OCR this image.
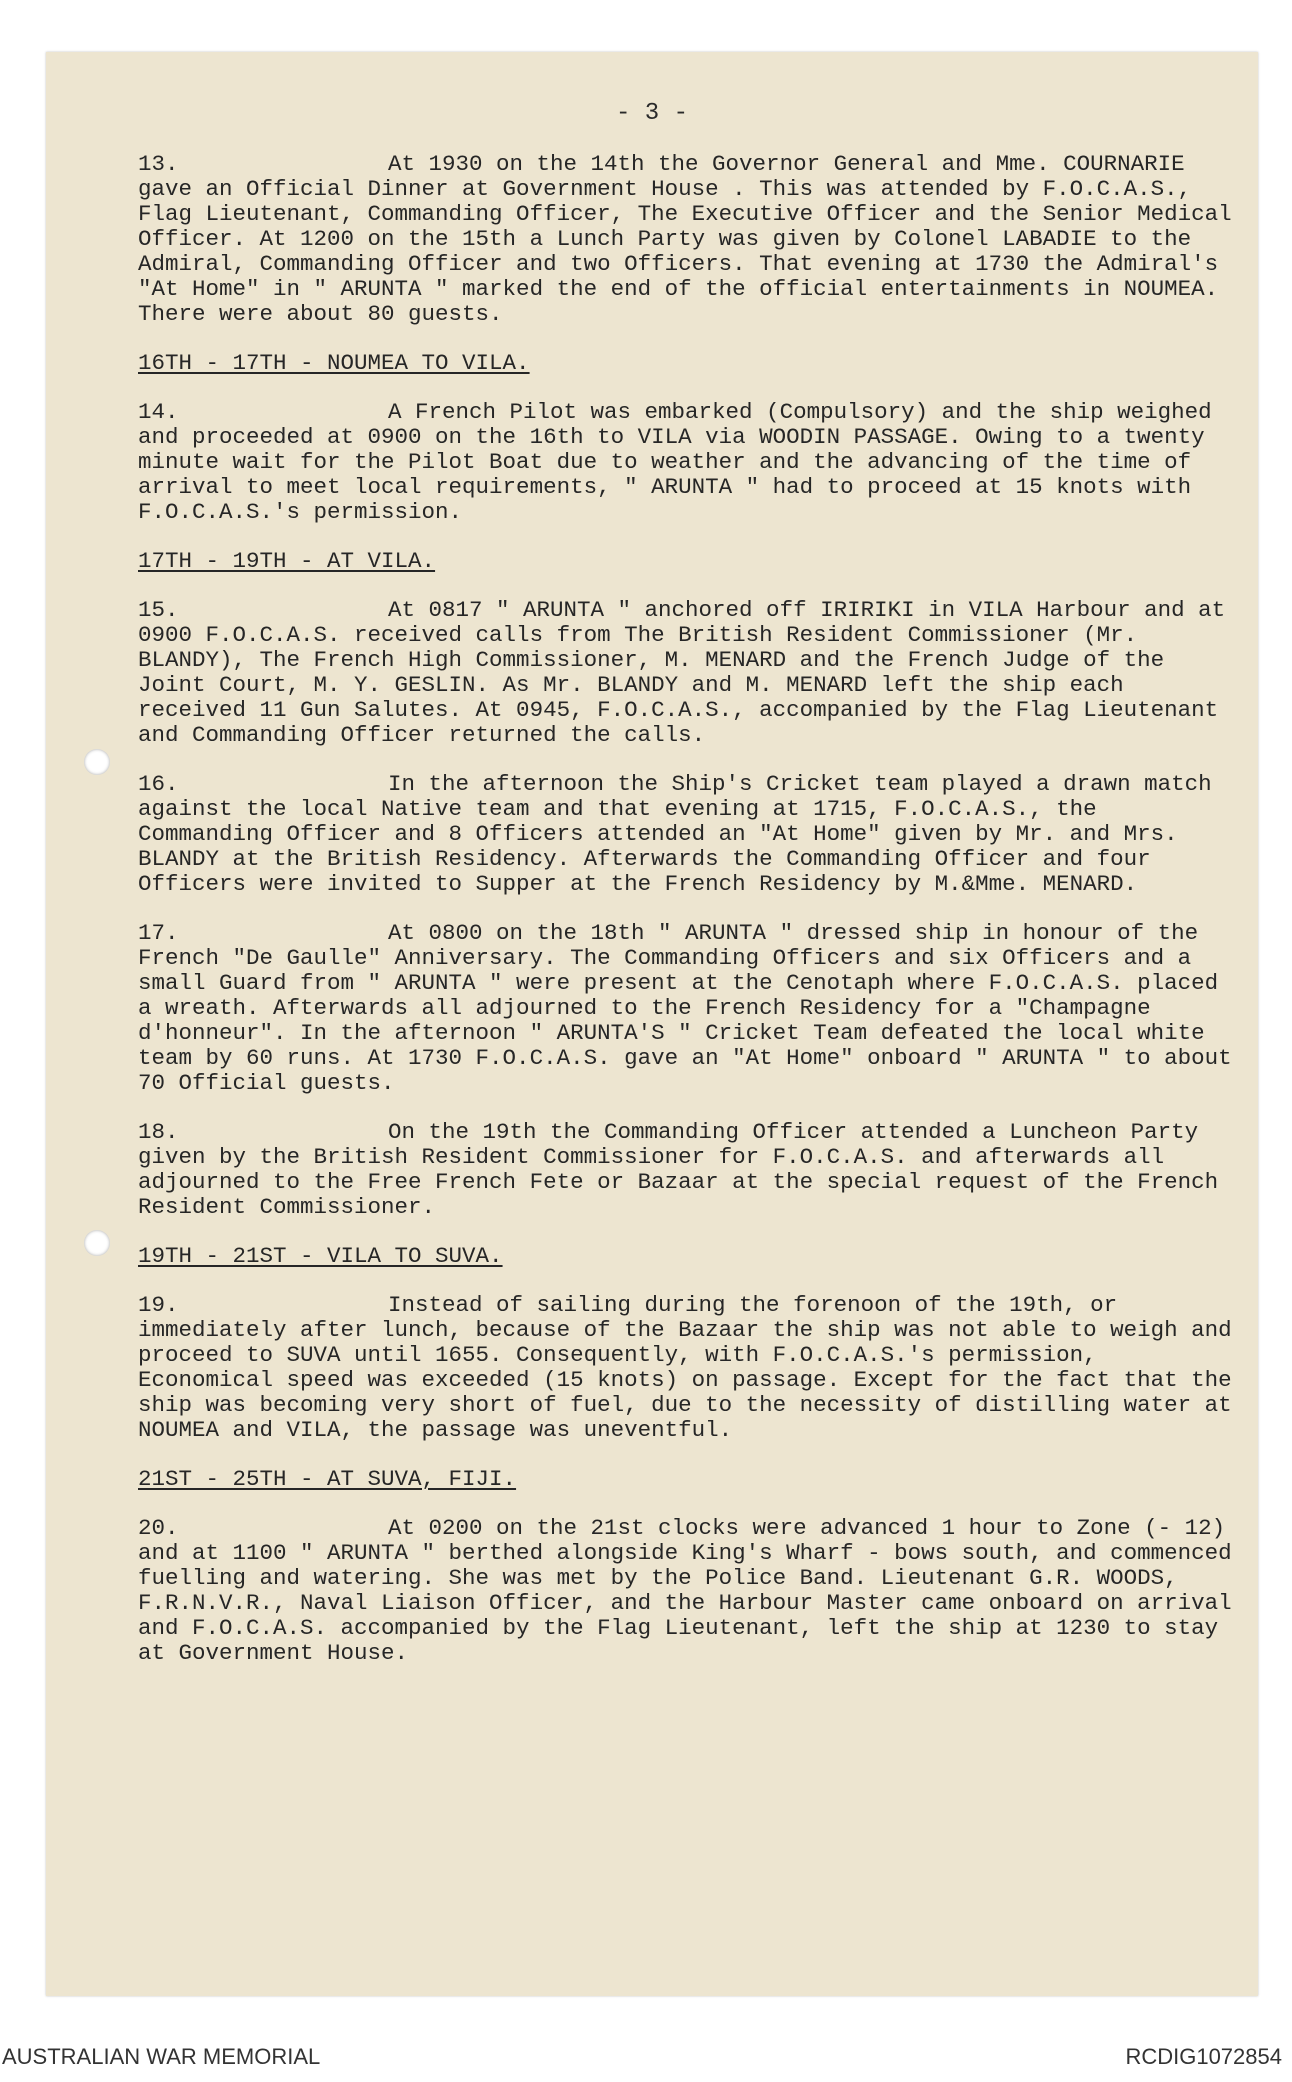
- 3 -

13.	At 1930 on the 14th the Governor General and Mme. COURNARIE gave an Official Dinner at Government House . This was attended by F.O.C.A.S., Flag Lieutenant, Commanding Officer, The Executive Officer and the Senior Medical Officer. At 1200 on the 15th a Lunch Party was given by Colonel LABADIE to the Admiral, Commanding Officer and two Officers. That evening at 1730 the Admiral's "At Home" in " ARUNTA " marked the end of the official entertainments in NOUMEA. There were about 80 guests.

16TH - 17TH - NOUMEA TO VILA.

14.	A French Pilot was embarked (Compulsory) and the ship weighed and proceeded at 0900 on the 16th to VILA via WOODIN PASSAGE. Owing to a twenty minute wait for the Pilot Boat due to weather and the advancing of the time of arrival to meet local requirements, " ARUNTA " had to proceed at 15 knots with F.O.C.A.S.'s permission.

17TH - 19TH - AT VILA.

15.	At 0817 " ARUNTA " anchored off IRIRIKI in VILA Harbour and at 0900 F.O.C.A.S. received calls from The British Resident Commissioner (Mr. BLANDY), The French High Commissioner, M. MENARD and the French Judge of the Joint Court, M. Y. GESLIN. As Mr. BLANDY and M. MENARD left the ship each received 11 Gun Salutes. At 0945, F.O.C.A.S., accompanied by the Flag Lieutenant and Commanding Officer returned the calls.

16.	In the afternoon the Ship's Cricket team played a drawn match against the local Native team and that evening at 1715, F.O.C.A.S., the Commanding Officer and 8 Officers attended an "At Home" given by Mr. and Mrs. BLANDY at the British Residency. Afterwards the Commanding Officer and four Officers were invited to Supper at the French Residency by M.&Mme. MENARD.

17.	At 0800 on the 18th " ARUNTA " dressed ship in honour of the French "De Gaulle" Anniversary. The Commanding Officers and six Officers and a small Guard from " ARUNTA " were present at the Cenotaph where F.O.C.A.S. placed a wreath. Afterwards all adjourned to the French Residency for a "Champagne d'honneur". In the afternoon " ARUNTA'S " Cricket Team defeated the local white team by 60 runs. At 1730 F.O.C.A.S. gave an "At Home" onboard " ARUNTA " to about 70 Official guests.

18.	On the 19th the Commanding Officer attended a Luncheon Party given by the British Resident Commissioner for F.O.C.A.S. and afterwards all adjourned to the Free French Fete or Bazaar at the special request of the French Resident Commissioner.

19TH - 21ST - VILA TO SUVA.

19.	Instead of sailing during the forenoon of the 19th, or immediately after lunch, because of the Bazaar the ship was not able to weigh and proceed to SUVA until 1655. Consequently, with F.O.C.A.S.'s permission, Economical speed was exceeded (15 knots) on passage. Except for the fact that the ship was becoming very short of fuel, due to the necessity of distilling water at NOUMEA and VILA, the passage was uneventful.

21ST - 25TH - AT SUVA, FIJI.

20.	At 0200 on the 21st clocks were advanced 1 hour to Zone (- 12) and at 1100 " ARUNTA " berthed alongside King's Wharf - bows south, and commenced fuelling and watering. She was met by the Police Band. Lieutenant G.R. WOODS, F.R.N.V.R., Naval Liaison Officer, and the Harbour Master came onboard on arrival and F.O.C.A.S. accompanied by the Flag Lieutenant, left the ship at 1230 to stay at Government House.

AUSTRALIAN WAR MEMORIAL	RCDIG1072854
